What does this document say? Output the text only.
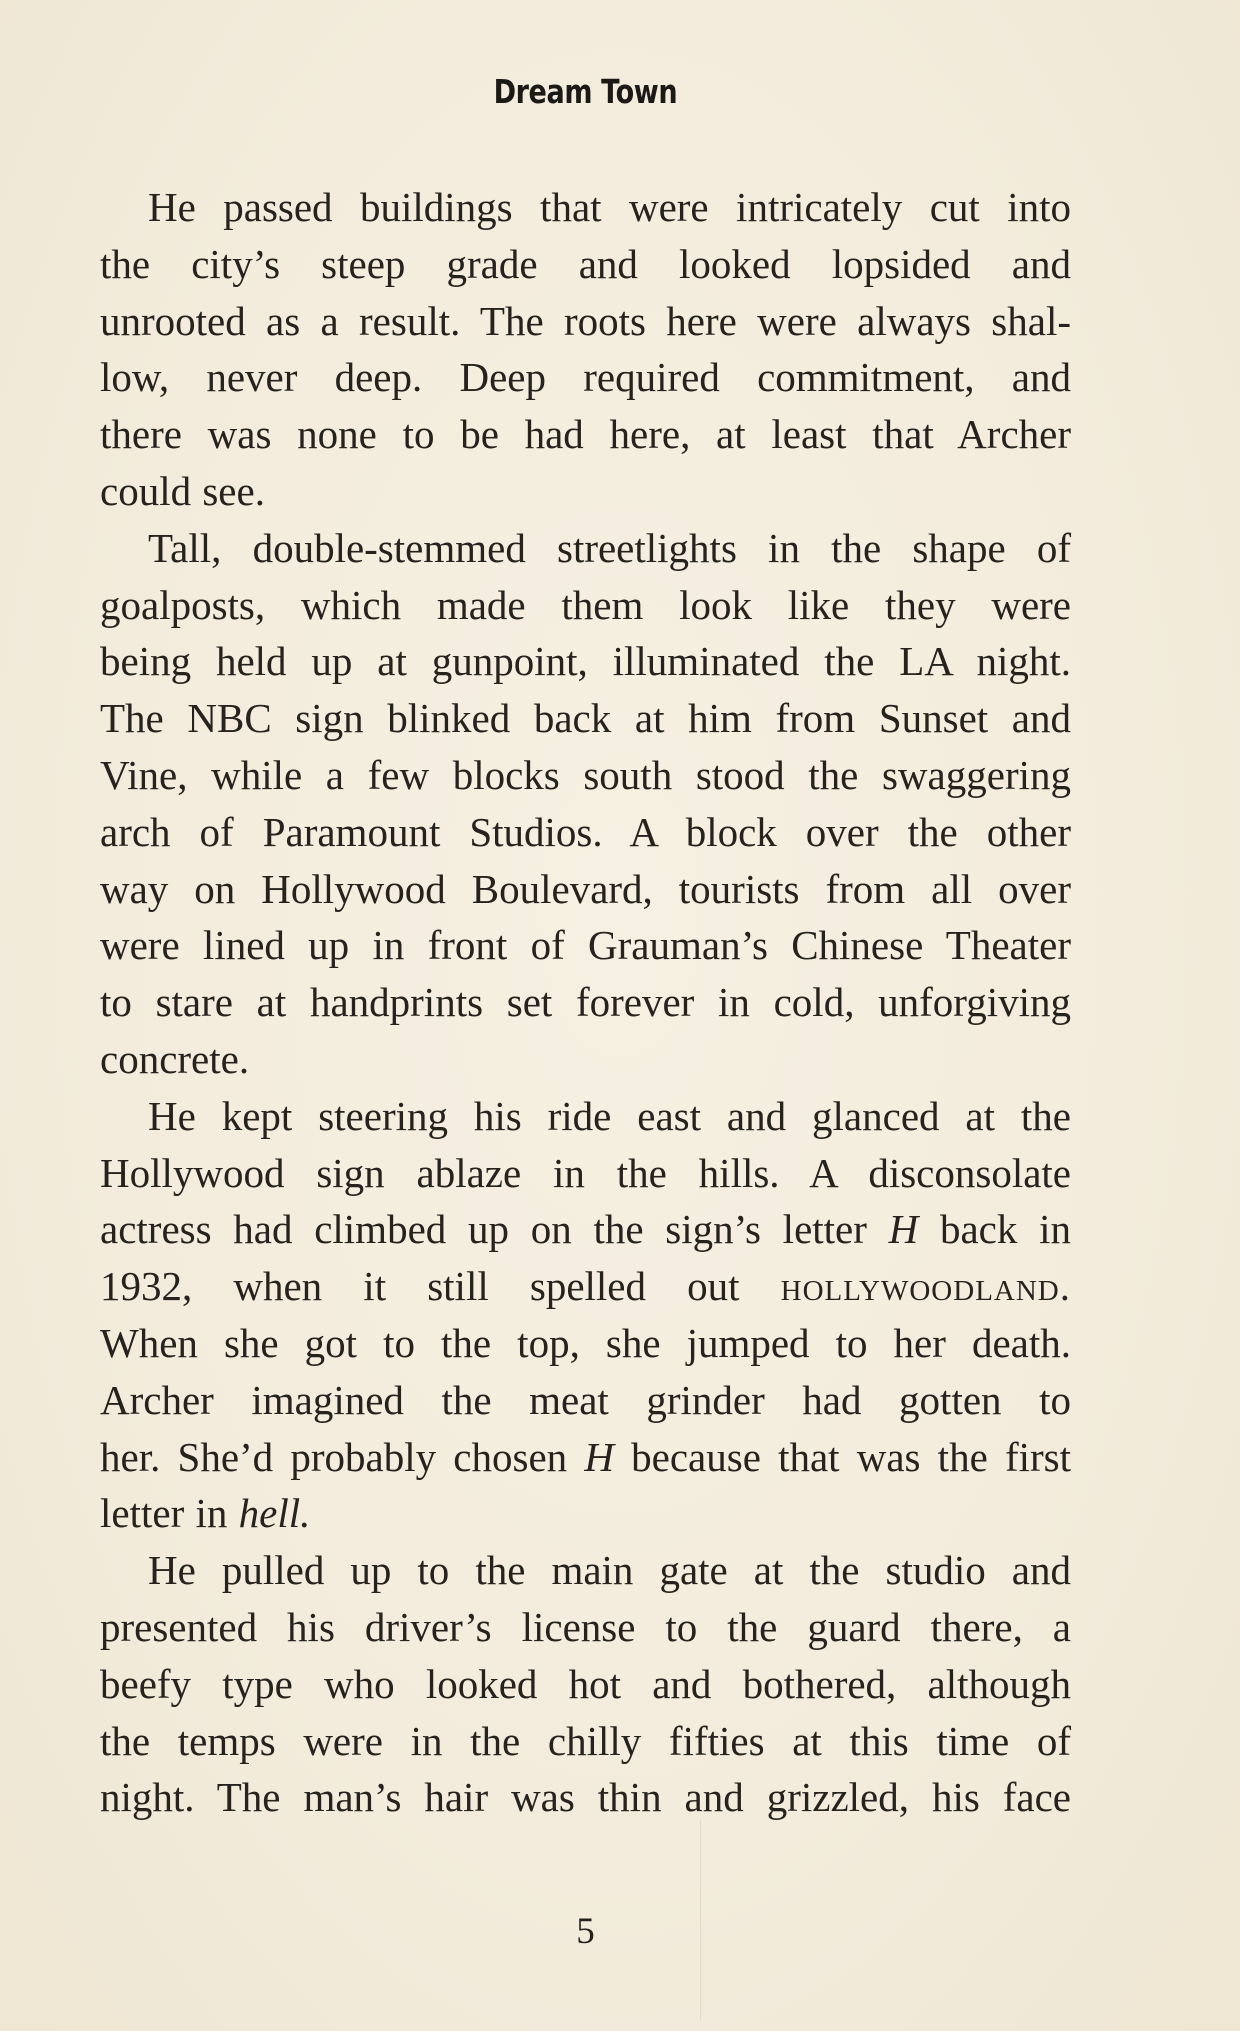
Dream Town
He passed buildings that were intricately cut into
the city’s steep grade and looked lopsided and
unrooted as a result. The roots here were always shal-
low, never deep. Deep required commitment, and
there was none to be had here, at least that Archer
could see.
Tall, double-stemmed streetlights in the shape of
goalposts, which made them look like they were
being held up at gunpoint, illuminated the LA night.
The NBC sign blinked back at him from Sunset and
Vine, while a few blocks south stood the swaggering
arch of Paramount Studios. A block over the other
way on Hollywood Boulevard, tourists from all over
were lined up in front of Grauman’s Chinese Theater
to stare at handprints set forever in cold, unforgiving
concrete.
He kept steering his ride east and glanced at the
Hollywood sign ablaze in the hills. A disconsolate
actress had climbed up on the sign’s letter H back in
1932, when it still spelled out hollywoodland.
When she got to the top, she jumped to her death.
Archer imagined the meat grinder had gotten to
her. She’d probably chosen H because that was the first
letter in hell.
He pulled up to the main gate at the studio and
presented his driver’s license to the guard there, a
beefy type who looked hot and bothered, although
the temps were in the chilly fifties at this time of
night. The man’s hair was thin and grizzled, his face
5
